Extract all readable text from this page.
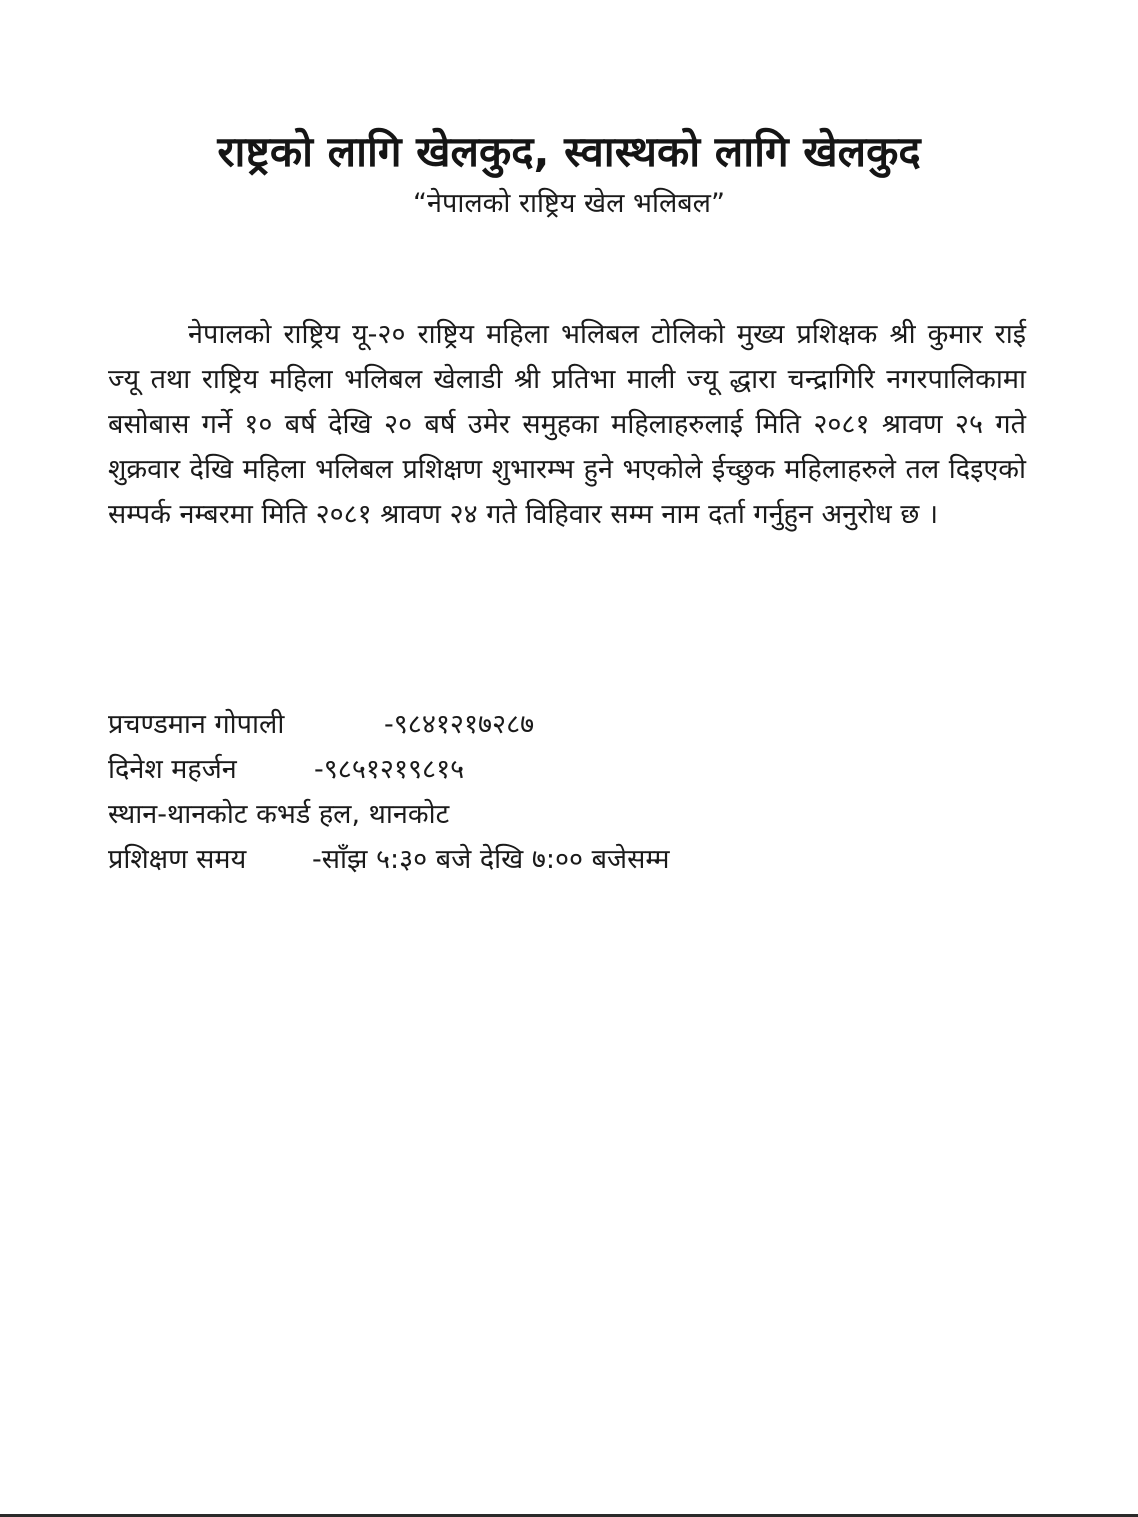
राष्ट्रको लागि खेलकुद, स्वास्थको लागि खेलकुद
“नेपालको राष्ट्रिय खेल भलिबल”
नेपालको राष्ट्रिय यू-२० राष्ट्रिय महिला भलिबल टोलिको मुख्य प्रशिक्षक श्री कुमार राई ज्यू तथा राष्ट्रिय महिला भलिबल खेलाडी श्री प्रतिभा माली ज्यू द्धारा चन्द्रागिरि नगरपालिकामा बसोबास गर्ने १० बर्ष देखि २० बर्ष उमेर समुहका महिलाहरुलाई मिति २०८१ श्रावण २५ गते शुक्रवार देखि महिला भलिबल प्रशिक्षण शुभारम्भ हुने भएकोले ईच्छुक महिलाहरुले तल दिइएको सम्पर्क नम्बरमा मिति २०८१ श्रावण २४ गते विहिवार सम्म नाम दर्ता गर्नुहुन अनुरोध छ ।
प्रचण्डमान गोपाली	-९८४१२१७२८७
दिनेश महर्जन	-९८५१२१९८१५
स्थान -थानकोट कभर्ड हल, थानकोट
प्रशिक्षण समय	-साँझ ५:३० बजे देखि ७:०० बजेसम्म
